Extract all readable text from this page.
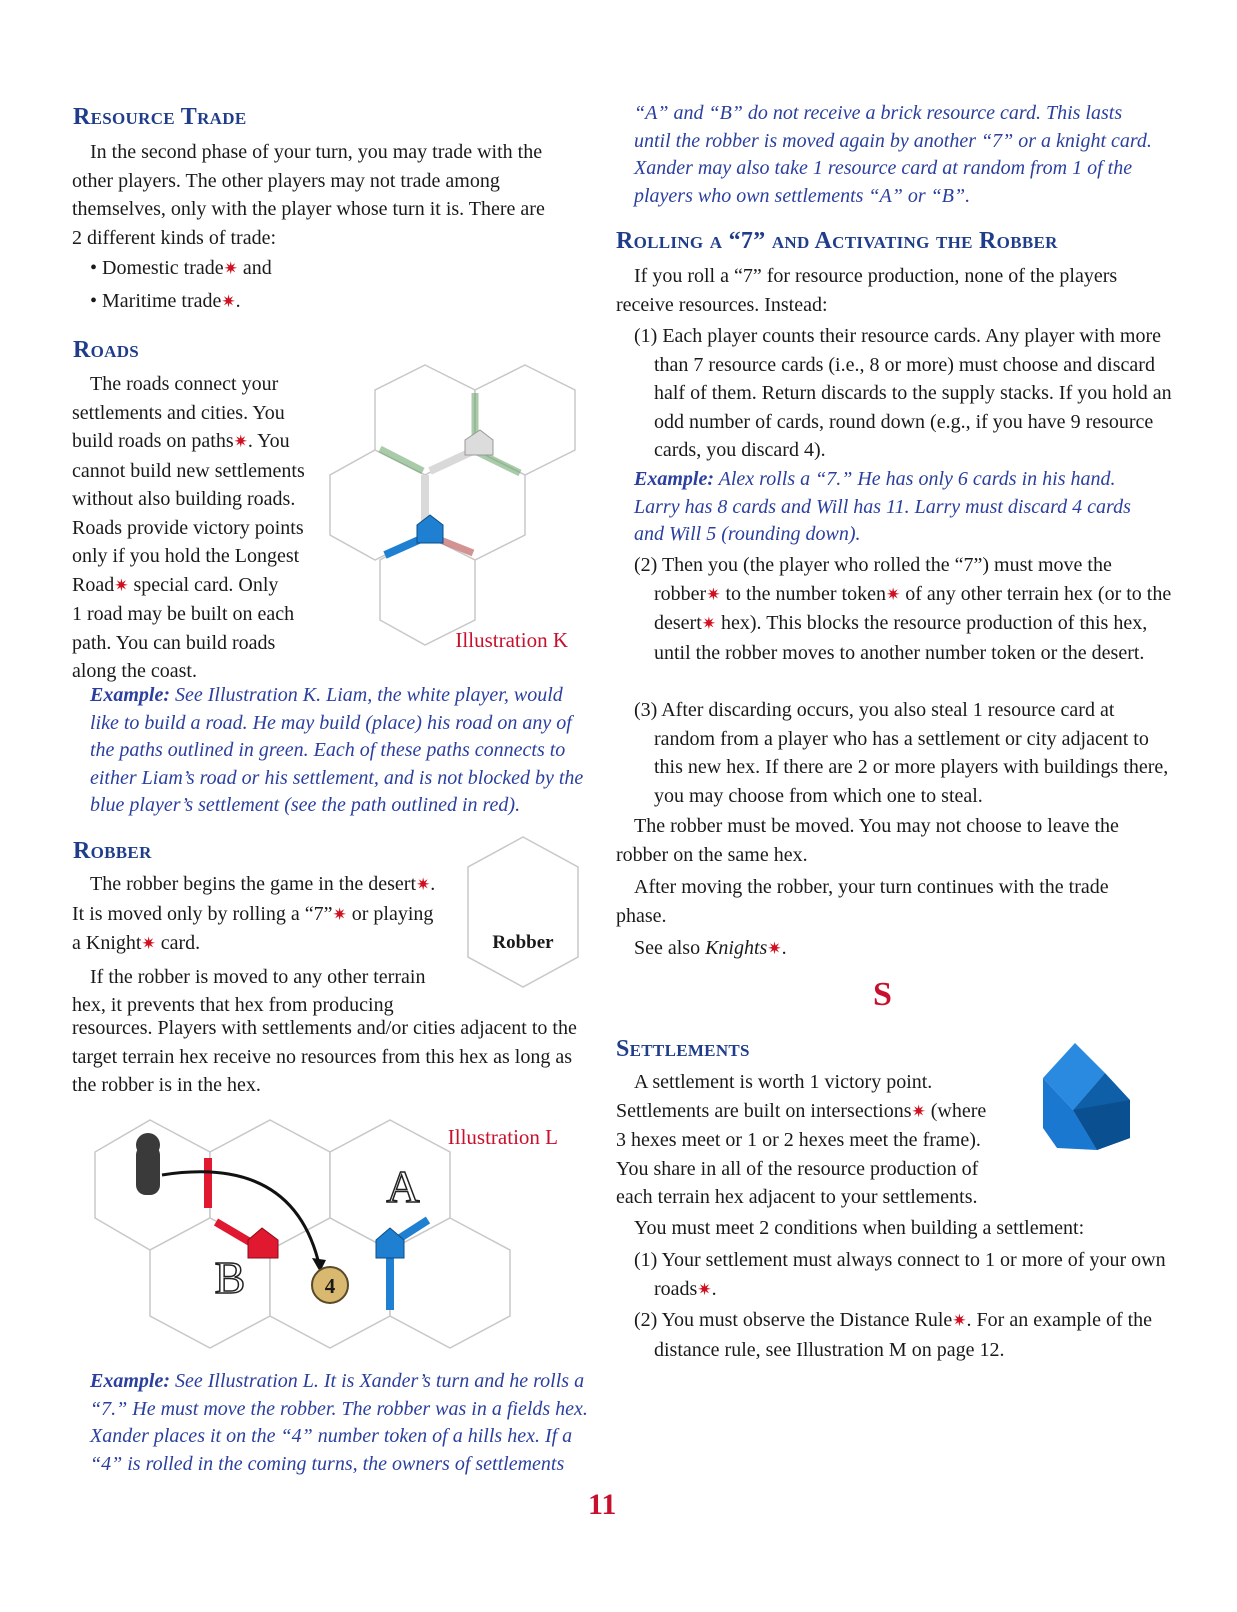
Resource Trade

In the second phase of your turn, you may trade with the other players. The other players may not trade among themselves, only with the player whose turn it is. There are 2 different kinds of trade:

• Domestic trade✷ and
• Maritime trade✷.
Roads
The roads connect your
settlements and cities. You
build roads on paths✷. You
cannot build new settlements
without also building roads.
Roads provide victory points
only if you hold the Longest
Road✷ special card. Only
1 road may be built on each
path. You can build roads
along the coast.
Illustration K

Example: See Illustration K. Liam, the white player, would like to build a road. He may build (place) his road on any of the paths outlined in green. Each of these paths connects to either Liam’s road or his settlement, and is not blocked by the blue player’s settlement (see the path outlined in red).

Robber
The robber begins the game in the desert✷.
It is moved only by rolling a “7”✷ or playing
a Knight✷ card.
If the robber is moved to any other terrain
hex, it prevents that hex from producing

resources. Players with settlements and/or cities adjacent to the target terrain hex receive no resources from this hex as long as the robber is in the hex.

Robber
4
A
B
Illustration L

Example: See Illustration L. It is Xander’s turn and he rolls a “7.” He must move the robber. The robber was in a fields hex. Xander places it on the “4” number token of a hills hex. If a “4” is rolled in the coming turns, the owners of settlements

“A” and “B” do not receive a brick resource card. This lasts until the robber is moved again by another “7” or a knight card. Xander may also take 1 resource card at random from 1 of the players who own settlements “A” or “B”.

Rolling a “7” and Activating the Robber

If you roll a “7” for resource production, none of the players receive resources. Instead:

(1) Each player counts their resource cards. Any player with more than 7 resource cards (i.e., 8 or more) must choose and discard half of them. Return discards to the supply stacks. If you hold an odd number of cards, round down (e.g., if you have 9 resource cards, you discard 4).

Example: Alex rolls a “7.” He has only 6 cards in his hand. Larry has 8 cards and Will has 11. Larry must discard 4 cards and Will 5 (rounding down).

(2) Then you (the player who rolled the “7”) must move the robber✷ to the number token✷ of any other terrain hex (or to the desert✷ hex). This blocks the resource production of this hex, until the robber moves to another number token or the desert.

(3) After discarding occurs, you also steal 1 resource card at random from a player who has a settlement or city adjacent to this new hex. If there are 2 or more players with buildings there, you may choose from which one to steal.

The robber must be moved. You may not choose to leave the robber on the same hex.

After moving the robber, your turn continues with the trade phase.

See also Knights✷.

S
Settlements
A settlement is worth 1 victory point.
Settlements are built on intersections✷ (where
3 hexes meet or 1 or 2 hexes meet the frame).
You share in all of the resource production of
each terrain hex adjacent to your settlements.

You must meet 2 conditions when building a settlement:

(1) Your settlement must always connect to 1 or more of your own roads✷.

(2) You must observe the Distance Rule✷. For an example of the distance rule, see Illustration M on page 12.

11
